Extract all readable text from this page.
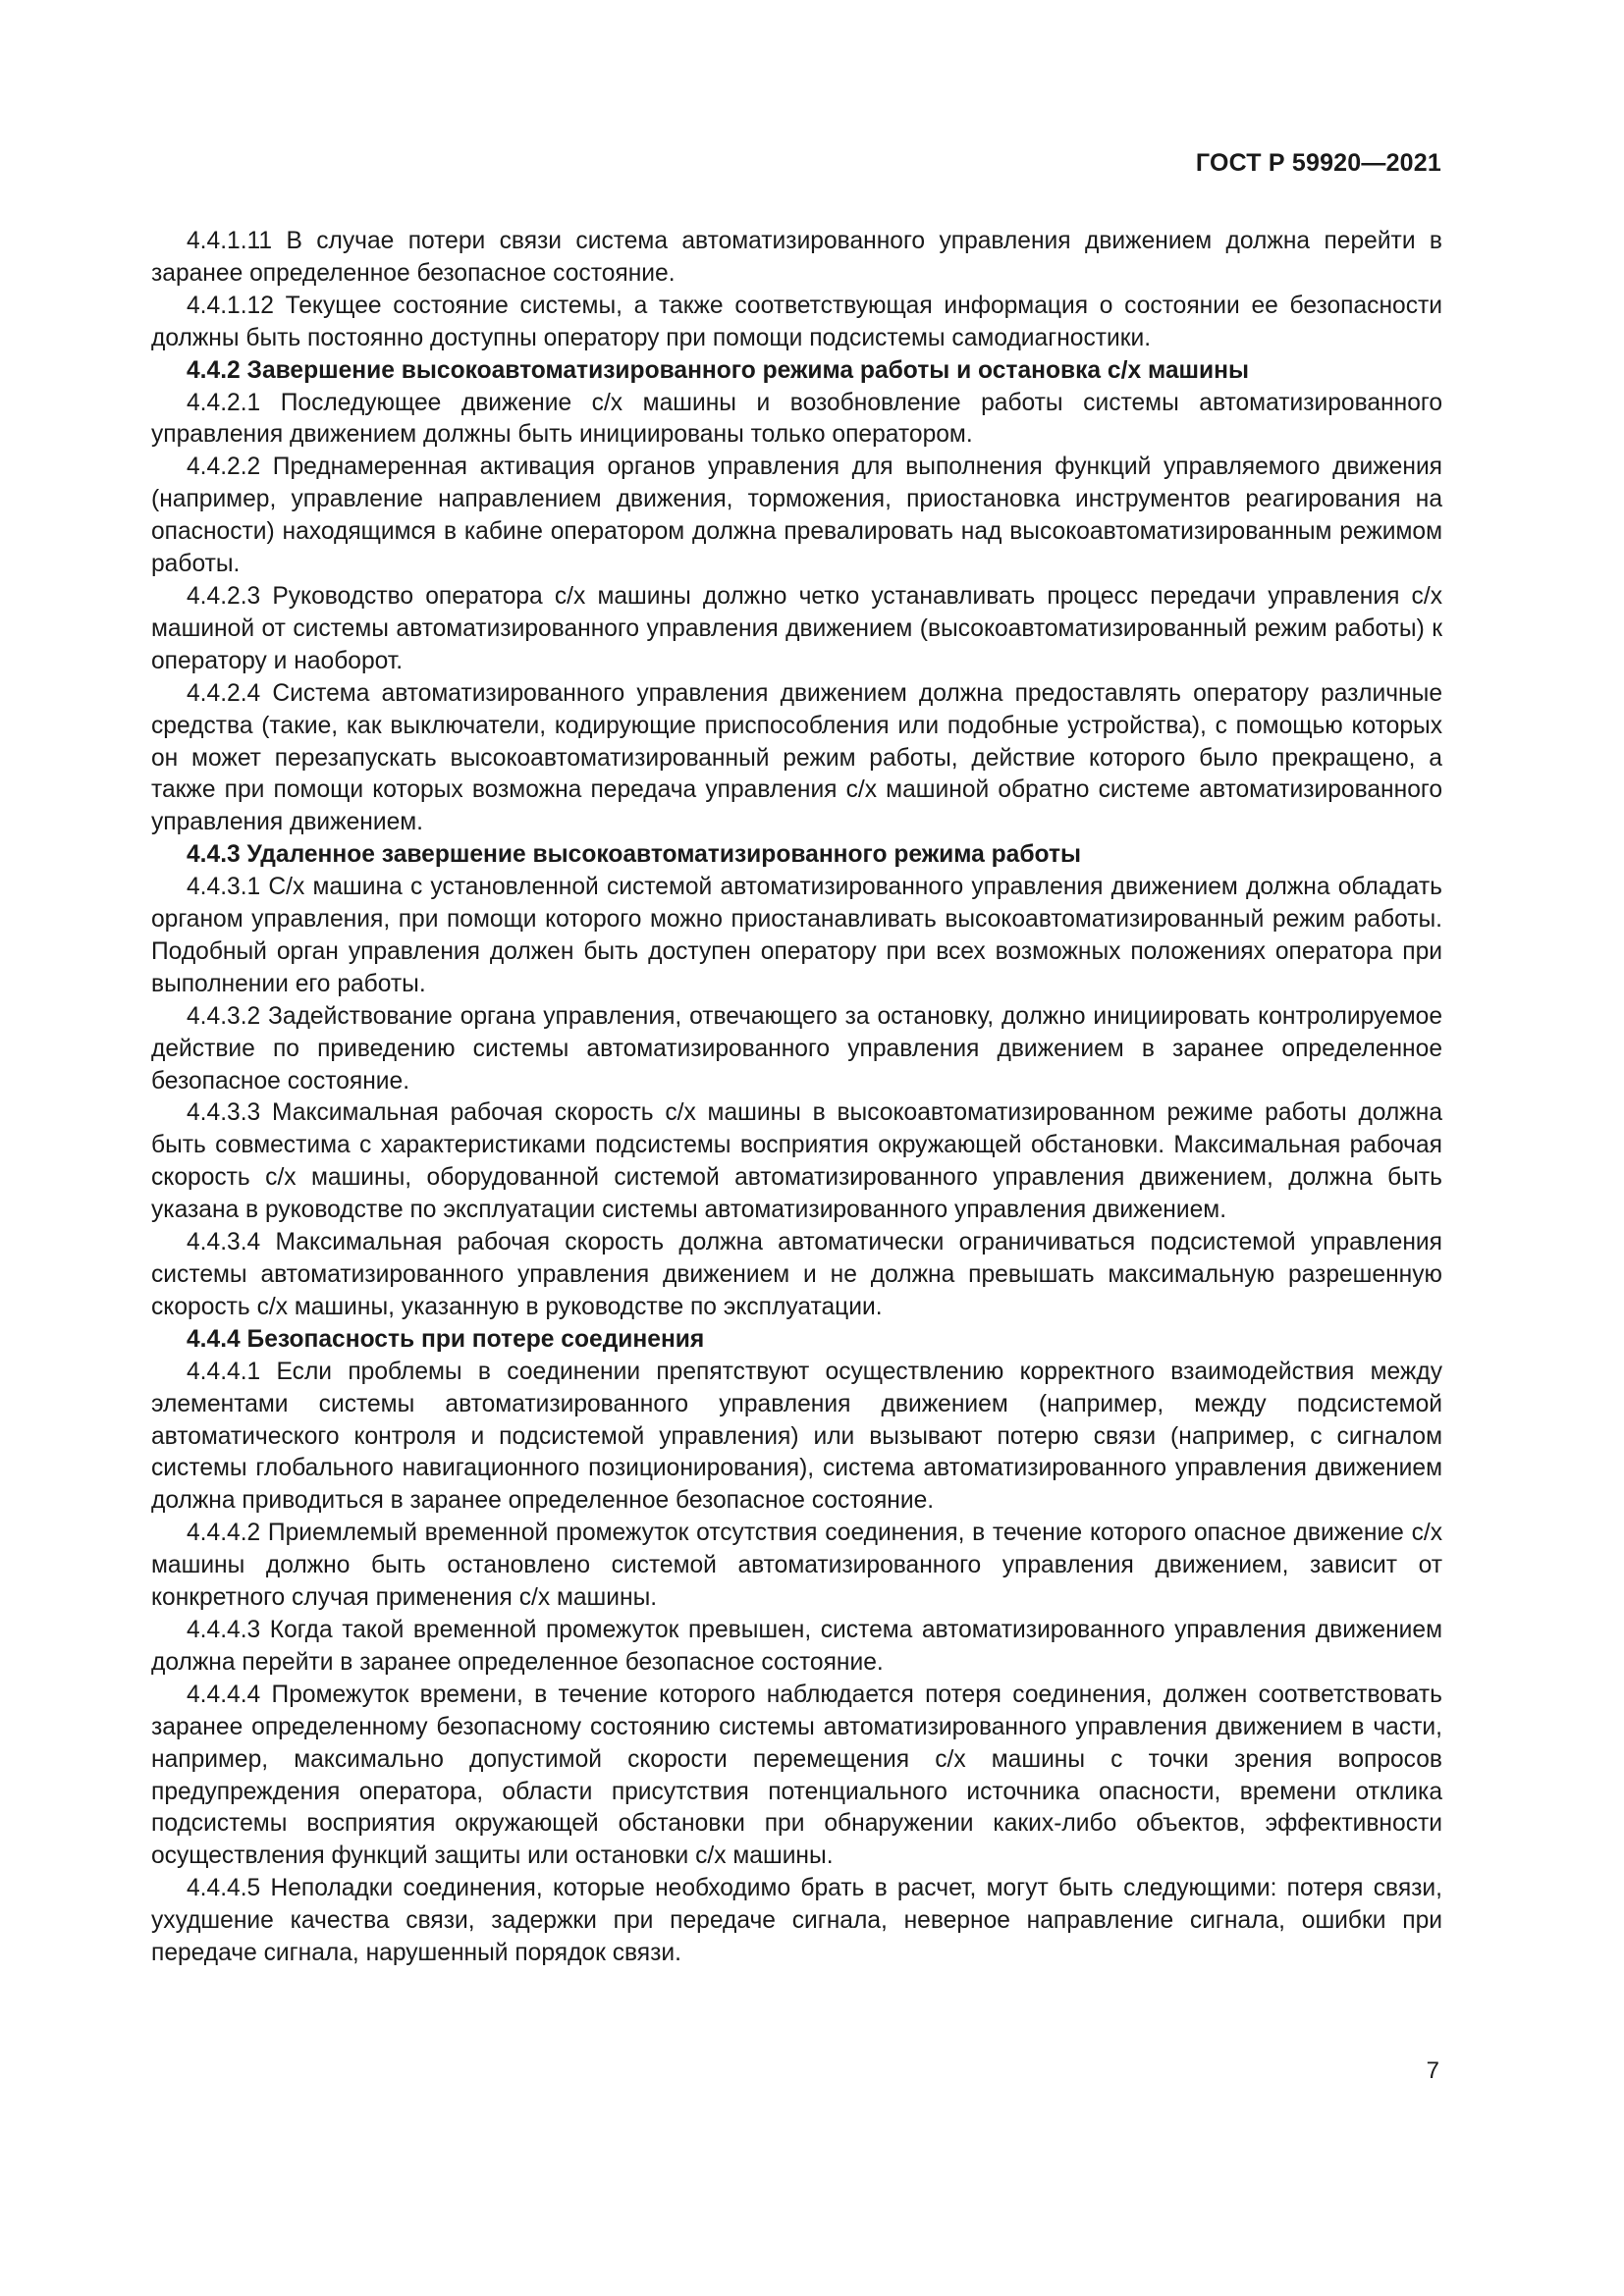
ГОСТ Р 59920—2021

4.4.1.11 В случае потери связи система автоматизированного управления движением должна перейти в заранее определенное безопасное состояние.

4.4.1.12 Текущее состояние системы, а также соответствующая информация о состоянии ее безопасности должны быть постоянно доступны оператору при помощи подсистемы самодиагностики.

4.4.2 Завершение высокоавтоматизированного режима работы и остановка с/х машины

4.4.2.1 Последующее движение с/х машины и возобновление работы системы автоматизированного управления движением должны быть инициированы только оператором.

4.4.2.2 Преднамеренная активация органов управления для выполнения функций управляемого движения (например, управление направлением движения, торможения, приостановка инструментов реагирования на опасности) находящимся в кабине оператором должна превалировать над высокоавтоматизированным режимом работы.

4.4.2.3 Руководство оператора с/х машины должно четко устанавливать процесс передачи управления с/х машиной от системы автоматизированного управления движением (высокоавтоматизированный режим работы) к оператору и наоборот.

4.4.2.4 Система автоматизированного управления движением должна предоставлять оператору различные средства (такие, как выключатели, кодирующие приспособления или подобные устройства), с помощью которых он может перезапускать высокоавтоматизированный режим работы, действие которого было прекращено, а также при помощи которых возможна передача управления с/х машиной обратно системе автоматизированного управления движением.

4.4.3 Удаленное завершение высокоавтоматизированного режима работы

4.4.3.1 С/х машина с установленной системой автоматизированного управления движением должна обладать органом управления, при помощи которого можно приостанавливать высокоавтоматизированный режим работы. Подобный орган управления должен быть доступен оператору при всех возможных положениях оператора при выполнении его работы.

4.4.3.2 Задействование органа управления, отвечающего за остановку, должно инициировать контролируемое действие по приведению системы автоматизированного управления движением в заранее определенное безопасное состояние.

4.4.3.3 Максимальная рабочая скорость с/х машины в высокоавтоматизированном режиме работы должна быть совместима с характеристиками подсистемы восприятия окружающей обстановки. Максимальная рабочая скорость с/х машины, оборудованной системой автоматизированного управления движением, должна быть указана в руководстве по эксплуатации системы автоматизированного управления движением.

4.4.3.4 Максимальная рабочая скорость должна автоматически ограничиваться подсистемой управления системы автоматизированного управления движением и не должна превышать максимальную разрешенную скорость с/х машины, указанную в руководстве по эксплуатации.

4.4.4 Безопасность при потере соединения

4.4.4.1 Если проблемы в соединении препятствуют осуществлению корректного взаимодействия между элементами системы автоматизированного управления движением (например, между подсистемой автоматического контроля и подсистемой управления) или вызывают потерю связи (например, с сигналом системы глобального навигационного позиционирования), система автоматизированного управления движением должна приводиться в заранее определенное безопасное состояние.

4.4.4.2 Приемлемый временной промежуток отсутствия соединения, в течение которого опасное движение с/х машины должно быть остановлено системой автоматизированного управления движением, зависит от конкретного случая применения с/х машины.

4.4.4.3 Когда такой временной промежуток превышен, система автоматизированного управления движением должна перейти в заранее определенное безопасное состояние.

4.4.4.4 Промежуток времени, в течение которого наблюдается потеря соединения, должен соответствовать заранее определенному безопасному состоянию системы автоматизированного управления движением в части, например, максимально допустимой скорости перемещения с/х машины с точки зрения вопросов предупреждения оператора, области присутствия потенциального источника опасности, времени отклика подсистемы восприятия окружающей обстановки при обнаружении каких-либо объектов, эффективности осуществления функций защиты или остановки с/х машины.

4.4.4.5 Неполадки соединения, которые необходимо брать в расчет, могут быть следующими: потеря связи, ухудшение качества связи, задержки при передаче сигнала, неверное направление сигнала, ошибки при передаче сигнала, нарушенный порядок связи.

7
